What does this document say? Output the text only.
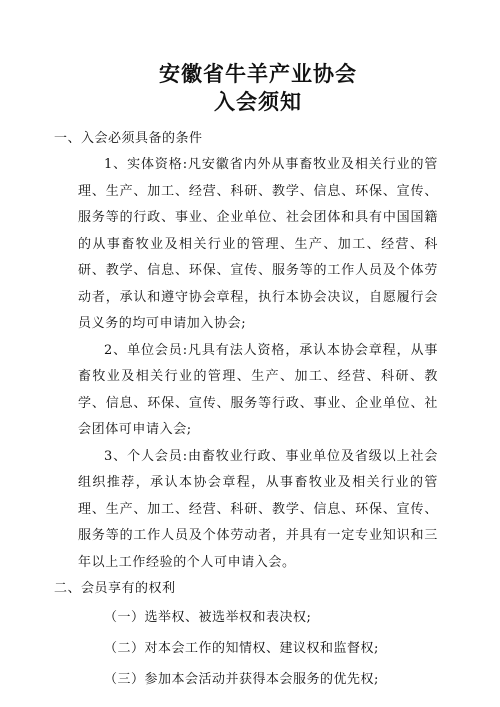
安徽省牛羊产业协会
入会须知

一、入会必须具备的条件

1、实体资格:凡安徽省内外从事畜牧业及相关行业的管理、生产、加工、经营、科研、教学、信息、环保、宣传、服务等的行政、事业、企业单位、社会团体和具有中国国籍的从事畜牧业及相关行业的管理、生产、加工、经营、科研、教学、信息、环保、宣传、服务等的工作人员及个体劳动者，承认和遵守协会章程，执行本协会决议，自愿履行会员义务的均可申请加入协会;

2、单位会员:凡具有法人资格，承认本协会章程，从事畜牧业及相关行业的管理、生产、加工、经营、科研、教学、信息、环保、宣传、服务等行政、事业、企业单位、社会团体可申请入会;

3、个人会员:由畜牧业行政、事业单位及省级以上社会组织推荐，承认本协会章程，从事畜牧业及相关行业的管理、生产、加工、经营、科研、教学、信息、环保、宣传、服务等的工作人员及个体劳动者，并具有一定专业知识和三年以上工作经验的个人可申请入会。

二、会员享有的权利

（一）选举权、被选举权和表决权;

（二）对本会工作的知情权、建议权和监督权;

（三）参加本会活动并获得本会服务的优先权;
